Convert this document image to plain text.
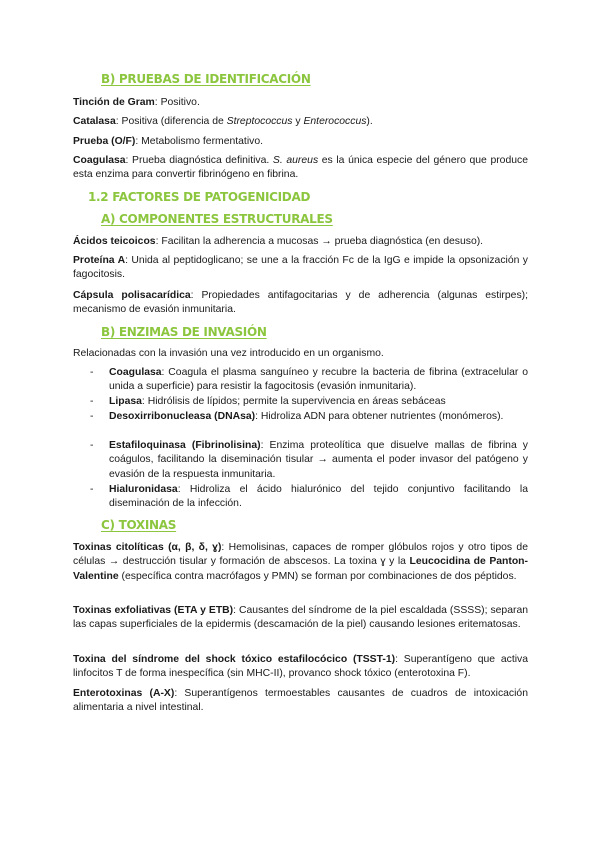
B) PRUEBAS DE IDENTIFICACIÓN
Tinción de Gram: Positivo.
Catalasa: Positiva (diferencia de Streptococcus y Enterococcus).
Prueba (O/F): Metabolismo fermentativo.
Coagulasa: Prueba diagnóstica definitiva. S. aureus es la única especie del género que produce esta enzima para convertir fibrinógeno en fibrina.
1.2 FACTORES DE PATOGENICIDAD
A) COMPONENTES ESTRUCTURALES
Ácidos teicoicos: Facilitan la adherencia a mucosas → prueba diagnóstica (en desuso).
Proteína A: Unida al peptidoglicano; se une a la fracción Fc de la IgG e impide la opsonización y fagocitosis.
Cápsula polisacarídica: Propiedades antifagocitarias y de adherencia (algunas estirpes); mecanismo de evasión inmunitaria.
B) ENZIMAS DE INVASIÓN
Relacionadas con la invasión una vez introducido en un organismo.
- Coagulasa: Coagula el plasma sanguíneo y recubre la bacteria de fibrina (extracelular o unida a superficie) para resistir la fagocitosis (evasión inmunitaria).
- Lipasa: Hidrólisis de lípidos; permite la supervivencia en áreas sebáceas
- Desoxirribonucleasa (DNAsa): Hidroliza ADN para obtener nutrientes (monómeros).
- Estafiloquinasa (Fibrinolisina): Enzima proteolítica que disuelve mallas de fibrina y coágulos, facilitando la diseminación tisular → aumenta el poder invasor del patógeno y evasión de la respuesta inmunitaria.
- Hialuronidasa: Hidroliza el ácido hialurónico del tejido conjuntivo facilitando la diseminación de la infección.
C) TOXINAS
Toxinas citolíticas (α, β, δ, ɣ): Hemolisinas, capaces de romper glóbulos rojos y otro tipos de células → destrucción tisular y formación de abscesos. La toxina ɣ y la Leucocidina de Panton-Valentine (específica contra macrófagos y PMN) se forman por combinaciones de dos péptidos.
Toxinas exfoliativas (ETA y ETB): Causantes del síndrome de la piel escaldada (SSSS); separan las capas superficiales de la epidermis (descamación de la piel) causando lesiones eritematosas.
Toxina del síndrome del shock tóxico estafilocócico (TSST-1): Superantígeno que activa linfocitos T de forma inespecífica (sin MHC-II), provanco shock tóxico (enterotoxina F).
Enterotoxinas (A-X): Superantígenos termoestables causantes de cuadros de intoxicación alimentaria a nivel intestinal.
